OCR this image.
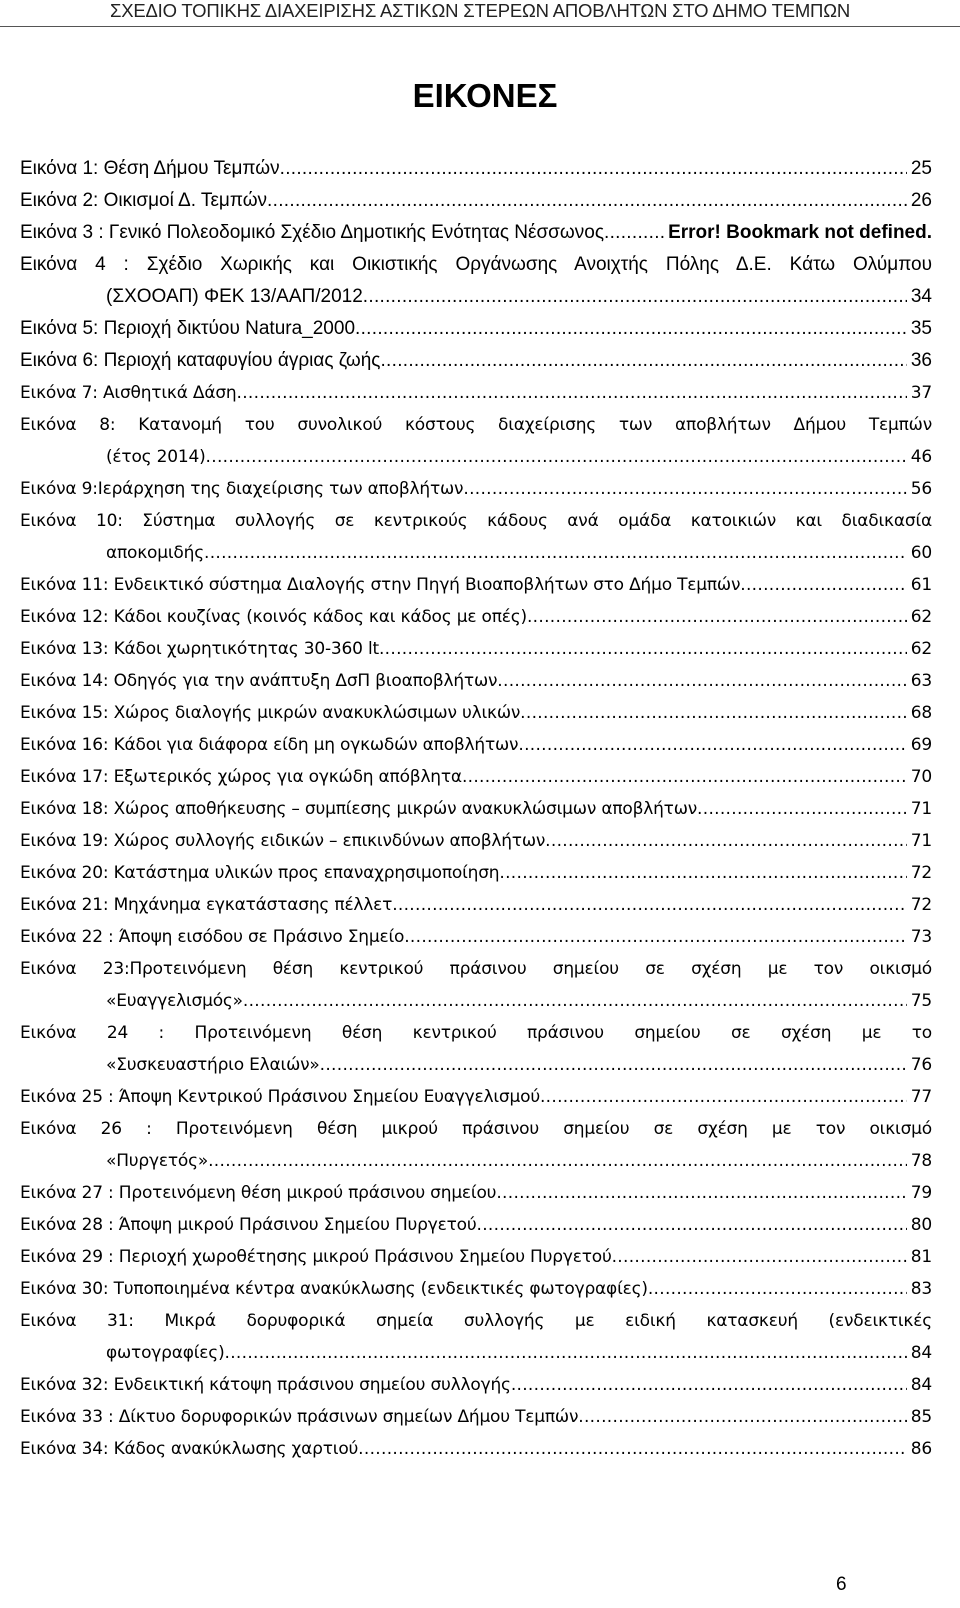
ΣΧΕΔΙΟ ΤΟΠΙΚΗΣ ΔΙΑΧΕΙΡΙΣΗΣ ΑΣΤΙΚΩΝ ΣΤΕΡΕΩΝ ΑΠΟΒΛΗΤΩΝ ΣΤΟ ΔΗΜΟ ΤΕΜΠΩΝ
ΕΙΚΟΝΕΣ
Εικόνα 1: Θέση Δήμου Τεμπών .....	25
Εικόνα 2: Οικισμοί Δ. Τεμπών .....	26
Εικόνα 3 : Γενικό Πολεοδομικό Σχέδιο Δημοτικής Ενότητας Νέσσωνος .....	Error! Bookmark not defined.
Εικόνα 4 : Σχέδιο Χωρικής και Οικιστικής Οργάνωσης Ανοιχτής Πόλης Δ.Ε. Κάτω Ολύμπου
(ΣΧΟΟΑΠ) ΦΕΚ 13/ΑΑΠ/2012 .....	34
Εικόνα 5: Περιοχή δικτύου Natura_2000 .....	35
Εικόνα 6: Περιοχή καταφυγίου άγριας ζωής .....	36
Εικόνα 7: Αισθητικά Δάση .....	37
Εικόνα 8: Κατανομή του συνολικού κόστους διαχείρισης των αποβλήτων Δήμου Τεμπών
(έτος 2014) .....	46
Εικόνα 9:Ιεράρχηση της διαχείρισης των αποβλήτων .....	56
Εικόνα 10: Σύστημα συλλογής σε κεντρικούς κάδους ανά ομάδα κατοικιών και διαδικασία
αποκομιδής .....	60
Εικόνα 11: Ενδεικτικό σύστημα Διαλογής στην Πηγή Βιοαποβλήτων στο Δήμο Τεμπών .....	61
Εικόνα 12: Κάδοι κουζίνας (κοινός κάδος και κάδος με οπές) .....	62
Εικόνα 13: Κάδοι χωρητικότητας 30-360 lt .....	62
Εικόνα 14: Οδηγός για την ανάπτυξη ΔσΠ βιοαποβλήτων .....	63
Εικόνα 15: Χώρος διαλογής μικρών ανακυκλώσιμων υλικών .....	68
Εικόνα 16: Κάδοι για διάφορα είδη μη ογκωδών αποβλήτων .....	69
Εικόνα 17: Εξωτερικός χώρος για ογκώδη απόβλητα .....	70
Εικόνα 18: Χώρος αποθήκευσης – συμπίεσης μικρών ανακυκλώσιμων αποβλήτων .....	71
Εικόνα 19: Χώρος συλλογής ειδικών – επικινδύνων αποβλήτων .....	71
Εικόνα 20: Κατάστημα υλικών προς επαναχρησιμοποίηση .....	72
Εικόνα 21: Μηχάνημα εγκατάστασης πέλλετ .....	72
Εικόνα 22 : Άποψη εισόδου σε Πράσινο Σημείο .....	73
Εικόνα 23:Προτεινόμενη θέση κεντρικού πράσινου σημείου σε σχέση με τον οικισμό
«Ευαγγελισμός» .....	75
Εικόνα 24 : Προτεινόμενη θέση κεντρικού πράσινου σημείου σε σχέση με το
«Συσκευαστήριο Ελαιών» .....	76
Εικόνα 25 : Άποψη Κεντρικού Πράσινου Σημείου Ευαγγελισμού .....	77
Εικόνα 26 : Προτεινόμενη θέση μικρού πράσινου σημείου σε σχέση με τον οικισμό
«Πυργετός» .....	78
Εικόνα 27 : Προτεινόμενη θέση μικρού πράσινου σημείου .....	79
Εικόνα 28 : Άποψη μικρού Πράσινου Σημείου Πυργετού .....	80
Εικόνα 29 : Περιοχή χωροθέτησης μικρού Πράσινου Σημείου Πυργετού .....	81
Εικόνα 30: Τυποποιημένα κέντρα ανακύκλωσης (ενδεικτικές φωτογραφίες) .....	83
Εικόνα 31: Μικρά δορυφορικά σημεία συλλογής με ειδική κατασκευή (ενδεικτικές
φωτογραφίες) .....	84
Εικόνα 32: Ενδεικτική κάτοψη πράσινου σημείου συλλογής .....	84
Εικόνα 33 : Δίκτυο δορυφορικών πράσινων σημείων Δήμου Τεμπών .....	85
Εικόνα 34: Κάδος ανακύκλωσης χαρτιού .....	86
6
